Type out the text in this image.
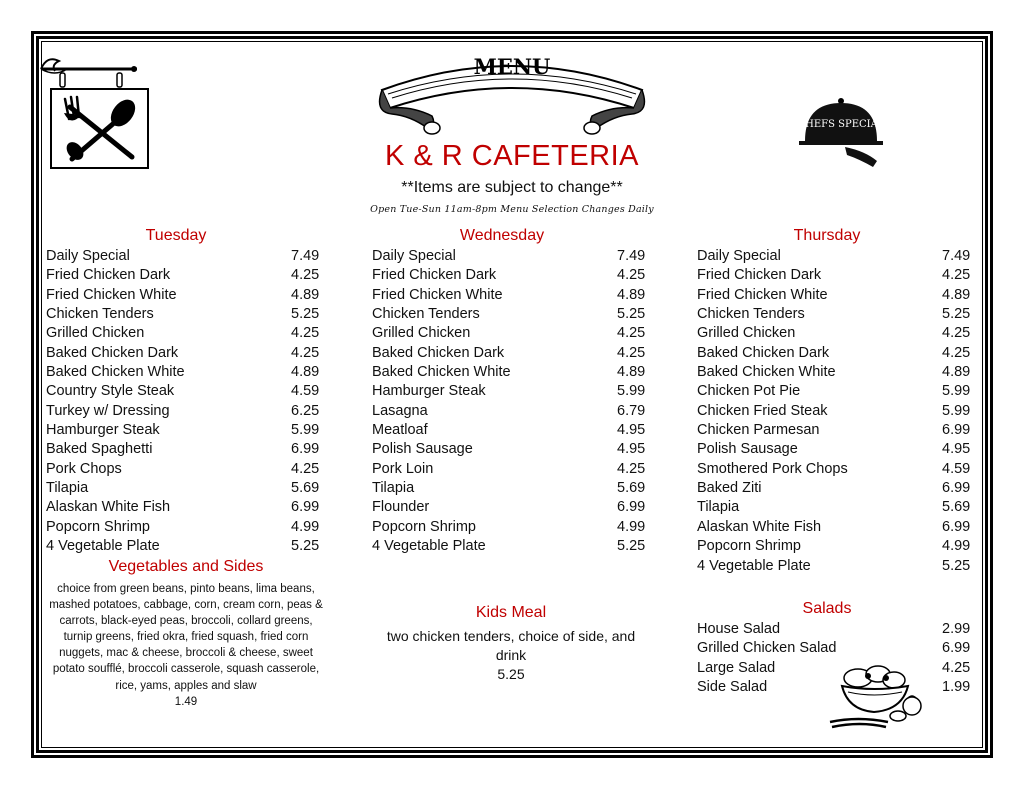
MENU
CHEFS SPECIAL
K & R CAFETERIA
**Items are subject to change**
Open Tue-Sun 11am-8pm Menu Selection Changes Daily
Tuesday
Daily Special	7.49
Fried Chicken Dark	4.25
Fried Chicken White	4.89
Chicken Tenders	5.25
Grilled Chicken	4.25
Baked Chicken Dark	4.25
Baked Chicken White	4.89
Country Style Steak	4.59
Turkey w/ Dressing	6.25
Hamburger Steak	5.99
Baked Spaghetti	6.99
Pork Chops	4.25
Tilapia	5.69
Alaskan White Fish	6.99
Popcorn Shrimp	4.99
4 Vegetable Plate	5.25
Wednesday
Daily Special	7.49
Fried Chicken Dark	4.25
Fried Chicken White	4.89
Chicken Tenders	5.25
Grilled Chicken	4.25
Baked Chicken Dark	4.25
Baked Chicken White	4.89
Hamburger Steak	5.99
Lasagna	6.79
Meatloaf	4.95
Polish Sausage	4.95
Pork Loin	4.25
Tilapia	5.69
Flounder	6.99
Popcorn Shrimp	4.99
4 Vegetable Plate	5.25
Thursday
Daily Special	7.49
Fried Chicken Dark	4.25
Fried Chicken White	4.89
Chicken Tenders	5.25
Grilled Chicken	4.25
Baked Chicken Dark	4.25
Baked Chicken White	4.89
Chicken Pot Pie	5.99
Chicken Fried Steak	5.99
Chicken Parmesan	6.99
Polish Sausage	4.95
Smothered Pork Chops	4.59
Baked Ziti	6.99
Tilapia	5.69
Alaskan White Fish	6.99
Popcorn Shrimp	4.99
4 Vegetable Plate	5.25
Vegetables and Sides
choice from green beans, pinto beans, lima beans, mashed potatoes, cabbage, corn, cream corn, peas & carrots, black-eyed peas, broccoli, collard greens, turnip greens, fried okra, fried squash, fried corn nuggets, mac & cheese, broccoli & cheese, sweet potato soufflé, broccoli casserole, squash casserole, rice, yams, apples and slaw
1.49
Kids Meal
two chicken tenders, choice of side, and drink
5.25
Salads
House Salad	2.99
Grilled Chicken Salad	6.99
Large Salad	4.25
Side Salad	1.99
